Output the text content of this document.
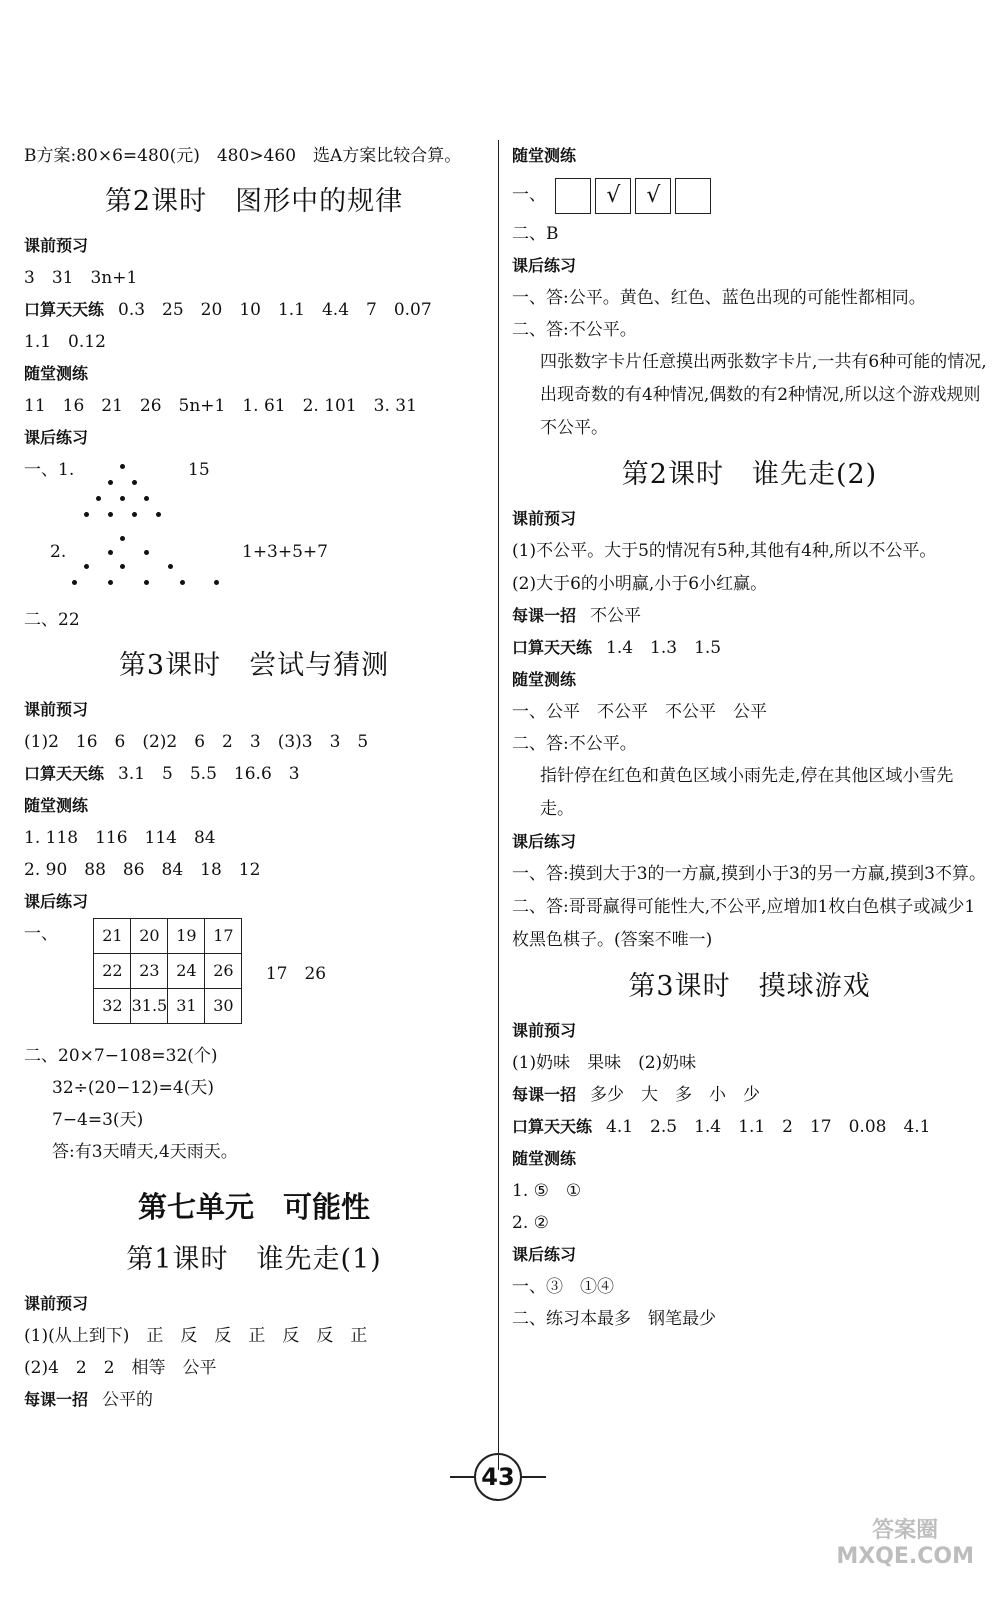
B方案:80×6=480(元)　480>460　选A方案比较合算。
第2课时　图形中的规律
课前预习
3　31　3n+1
口算天天练 0.3　25　20　10　1.1　4.4　7　0.07
1.1　0.12
随堂测练
11　16　21　26　5n+1　1. 61　2. 101　3. 31
课后练习
一、1.	15
2.	1+3+5+7
二、22
第3课时　尝试与猜测
课前预习
(1)2　16　6　(2)2　6　2　3　(3)3　3　5
口算天天练 3.1　5　5.5　16.6　3
随堂测练
1. 118　116　114　84
2. 90　88　86　84　18　12
课后练习
一、	21	20	19	17
22	23	24	26
32	31.5	31	30 17　26
二、20×7−108=32(个)
32÷(20−12)=4(天)
7−4=3(天)
答:有3天晴天,4天雨天。
第七单元　可能性
第1课时　谁先走(1)
课前预习
(1)(从上到下)　正　反　反　正　反　反　正
(2)4　2　2　相等　公平
每课一招 公平的
随堂测练
一、	√	√
二、B
课后练习
一、答:公平。黄色、红色、蓝色出现的可能性都相同。
二、答:不公平。
四张数字卡片任意摸出两张数字卡片,一共有6种可能的情况,出现奇数的有4种情况,偶数的有2种情况,所以这个游戏规则不公平。
第2课时　谁先走(2)
课前预习
(1)不公平。大于5的情况有5种,其他有4种,所以不公平。
(2)大于6的小明赢,小于6小红赢。
每课一招 不公平
口算天天练 1.4　1.3　1.5
随堂测练
一、公平　不公平　不公平　公平
二、答:不公平。
指针停在红色和黄色区域小雨先走,停在其他区域小雪先走。
课后练习
一、答:摸到大于3的一方赢,摸到小于3的另一方赢,摸到3不算。
二、答:哥哥赢得可能性大,不公平,应增加1枚白色棋子或减少1枚黑色棋子。(答案不唯一)
第3课时　摸球游戏
课前预习
(1)奶味　果味　(2)奶味
每课一招 多少　大　多　小　少
口算天天练 4.1　2.5　1.4　1.1　2　17　0.08　4.1
随堂测练
1. ⑤　①
2. ②
课后练习
一、③　①④
二、练习本最多　钢笔最少
43
答案圈
MXQE.COM
